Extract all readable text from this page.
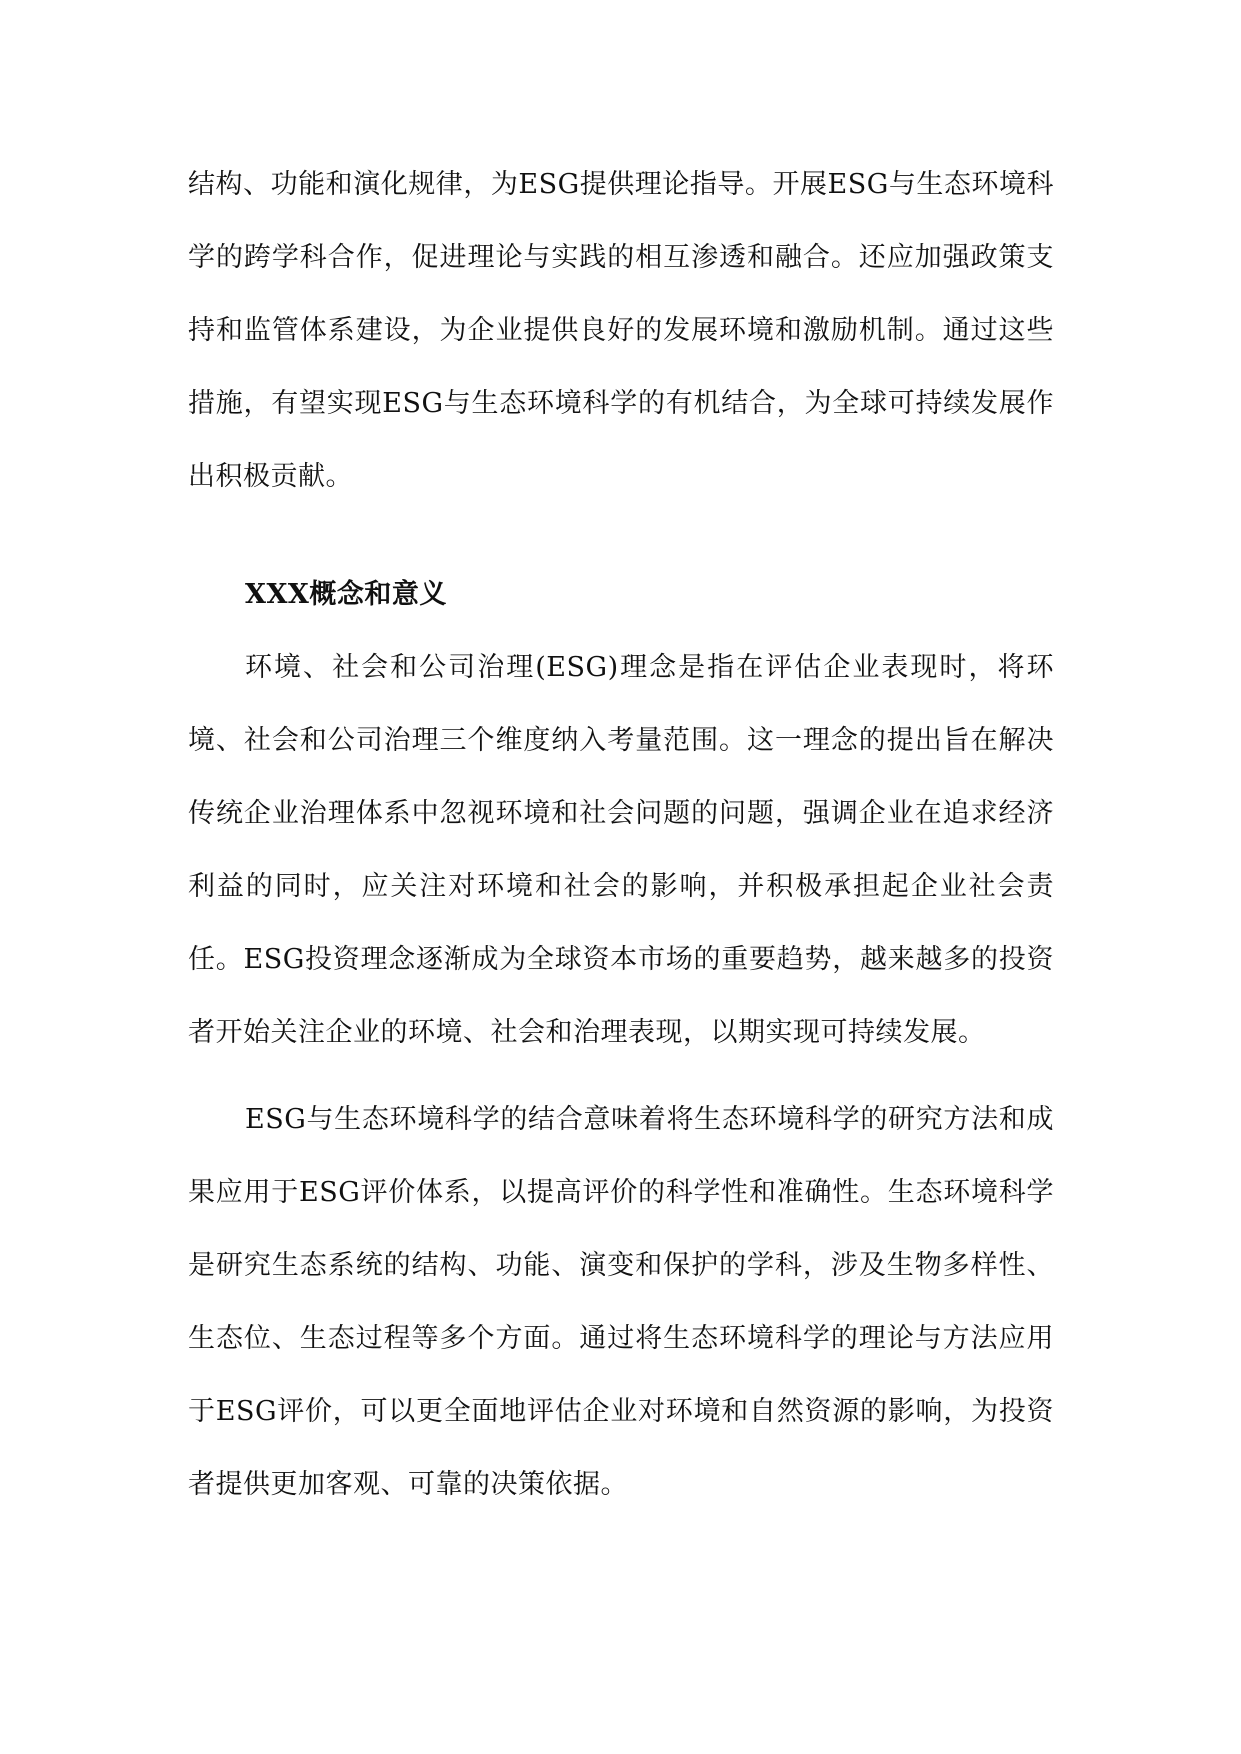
结构、功能和演化规律，为ESG提供理论指导。开展ESG与生态环境科学的跨学科合作，促进理论与实践的相互渗透和融合。还应加强政策支持和监管体系建设，为企业提供良好的发展环境和激励机制。通过这些措施，有望实现ESG与生态环境科学的有机结合，为全球可持续发展作出积极贡献。

XXX概念和意义

环境、社会和公司治理(ESG)理念是指在评估企业表现时，将环境、社会和公司治理三个维度纳入考量范围。这一理念的提出旨在解决传统企业治理体系中忽视环境和社会问题的问题，强调企业在追求经济利益的同时，应关注对环境和社会的影响，并积极承担起企业社会责任。ESG投资理念逐渐成为全球资本市场的重要趋势，越来越多的投资者开始关注企业的环境、社会和治理表现，以期实现可持续发展。

ESG与生态环境科学的结合意味着将生态环境科学的研究方法和成果应用于ESG评价体系，以提高评价的科学性和准确性。生态环境科学是研究生态系统的结构、功能、演变和保护的学科，涉及生物多样性、生态位、生态过程等多个方面。通过将生态环境科学的理论与方法应用于ESG评价，可以更全面地评估企业对环境和自然资源的影响，为投资者提供更加客观、可靠的决策依据。
